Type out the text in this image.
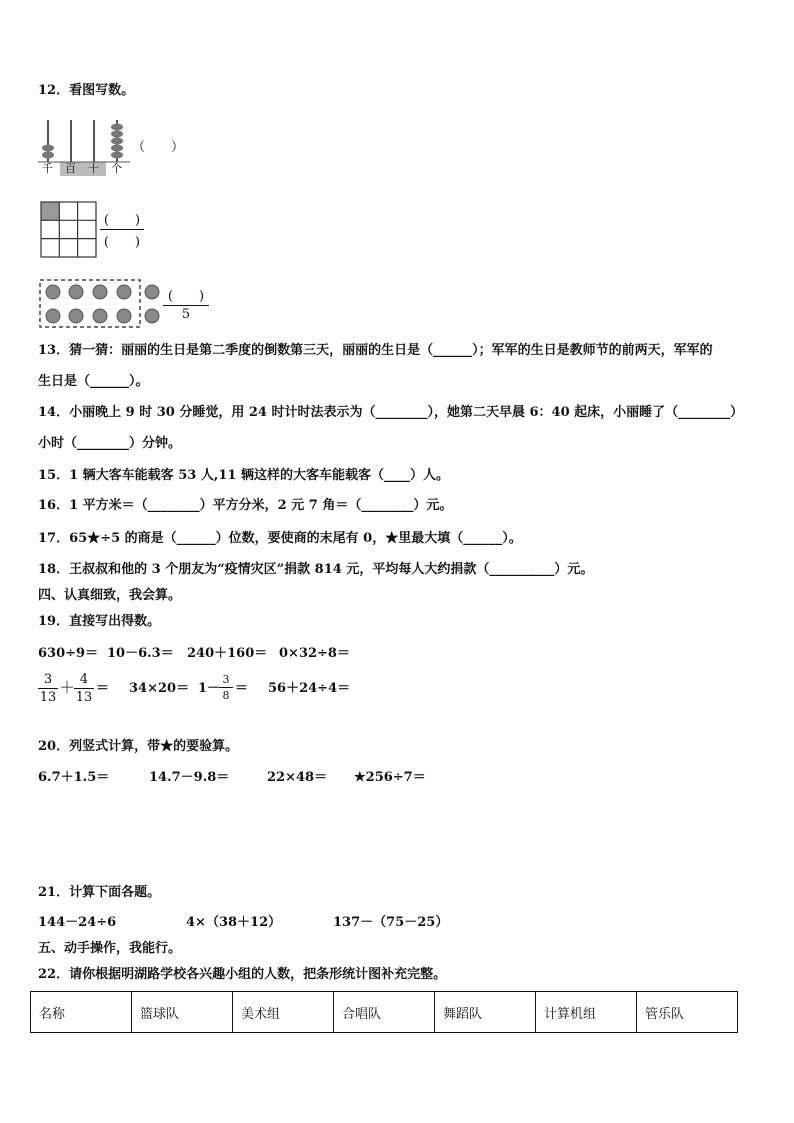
12．看图写数。
千 百 十 个
（　　）
(　　)
(　　)
(　　)
5
13．猜一猜：丽丽的生日是第二季度的倒数第三天，丽丽的生日是（______）；军军的生日是教师节的前两天，军军的
生日是（______）。
14．小丽晚上 9 时 30 分睡觉，用 24 时计时法表示为（________），她第二天早晨 6：40 起床，小丽睡了（________）
小时（________）分钟。
15．1 辆大客车能载客 53 人,11 辆这样的大客车能载客（____）人。
16．1 平方米＝（________）平方分米，2 元 7 角＝（________）元。
17．65★÷5 的商是（______）位数，要使商的末尾有 0，★里最大填（______）。
18．王叔叔和他的 3 个朋友为“疫情灾区”捐款 814 元，平均每人大约捐款（__________）元。
四、认真细致，我会算。
19．直接写出得数。
630÷9＝ 10－6.3＝ 240＋160＝ 0×32÷8＝
3
13
＋ 4
13
＝ 34×20＝ 1－
3
8 ＝ 56＋24÷4＝
20．列竖式计算，带★的要验算。
6.7＋1.5＝	14.7－9.8＝	22×48＝ ★256÷7＝
21．计算下面各题。
144－24÷6	4×（38＋12）	137－（75－25）
五、动手操作，我能行。
22．请你根据明湖路学校各兴趣小组的人数，把条形统计图补充完整。
名称	篮球队	美术组	合唱队	舞蹈队	计算机组	管乐队
